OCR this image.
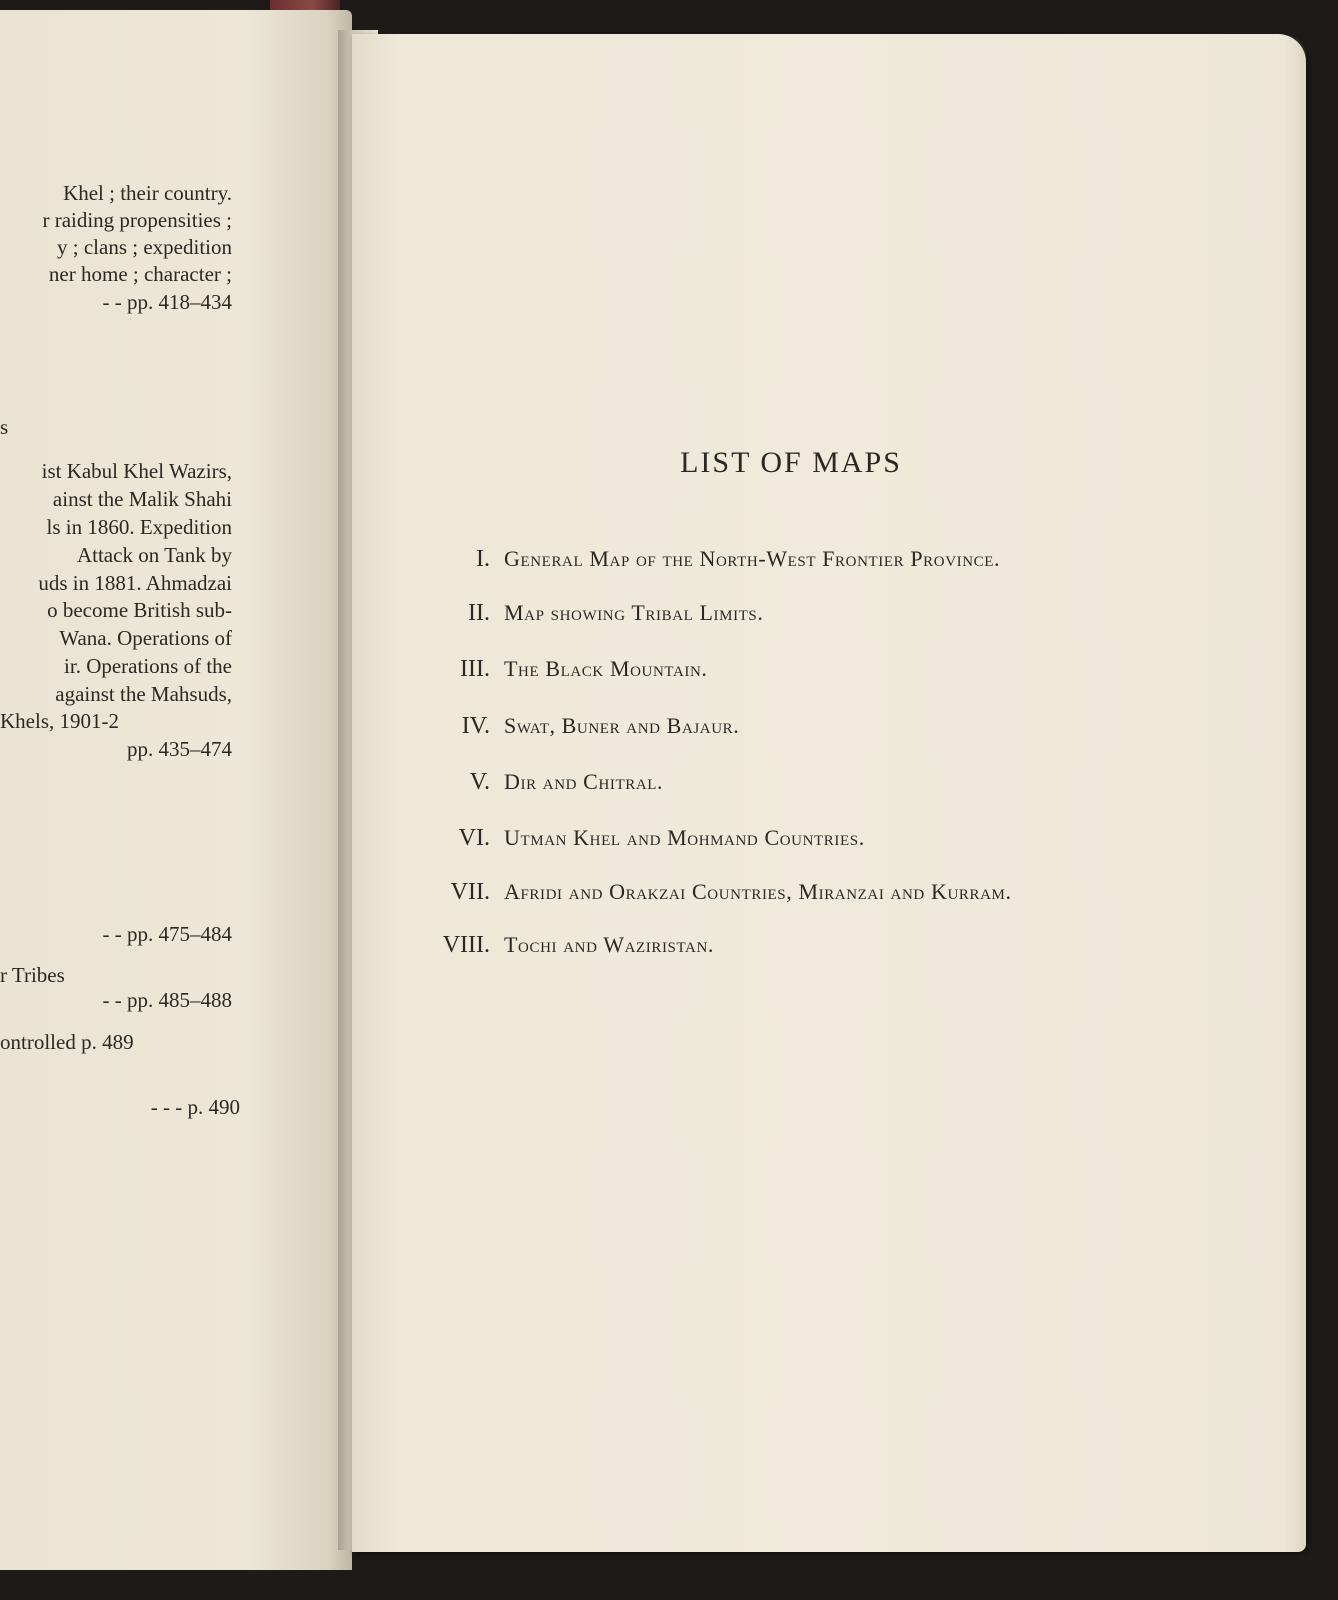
Khel ; their country.
r raiding propensities ;
y ; clans ; expedition
ner home ; character ;
- - pp. 418–434
s
ist Kabul Khel Wazirs,
ainst the Malik Shahi
ls in 1860. Expedition
Attack on Tank by
uds in 1881. Ahmadzai
o become British sub-
Wana. Operations of
ir. Operations of the
against the Mahsuds,
Khels, 1901-2
pp. 435–474
- - pp. 475–484
r Tribes
- - pp. 485–488
ontrolled p. 489
- - - p. 490

LIST OF MAPS
I. General Map of the North-West Frontier Province.
II. Map showing Tribal Limits.
III. The Black Mountain.
IV. Swat, Buner and Bajaur.
V. Dir and Chitral.
VI. Utman Khel and Mohmand Countries.
VII. Afridi and Orakzai Countries, Miranzai and Kurram.
VIII. Tochi and Waziristan.
